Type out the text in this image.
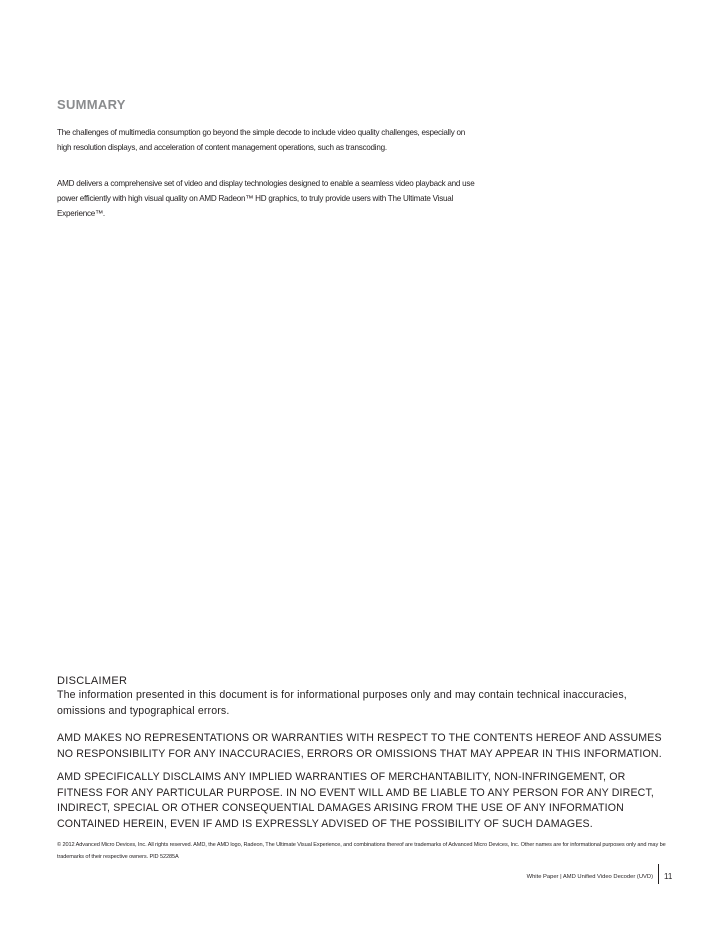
SUMMARY

The challenges of multimedia consumption go beyond the simple decode to include video quality challenges, especially on high resolution displays, and acceleration of content management operations, such as transcoding.

AMD delivers a comprehensive set of video and display technologies designed to enable a seamless video playback and use power efficiently with high visual quality on AMD Radeon™ HD graphics, to truly provide users with The Ultimate Visual Experience™.

DISCLAIMER

The information presented in this document is for informational purposes only and may contain technical inaccuracies, omissions and typographical errors.

AMD MAKES NO REPRESENTATIONS OR WARRANTIES WITH RESPECT TO THE CONTENTS HEREOF AND ASSUMES NO RESPONSIBILITY FOR ANY INACCURACIES, ERRORS OR OMISSIONS THAT MAY APPEAR IN THIS INFORMATION.

AMD SPECIFICALLY DISCLAIMS ANY IMPLIED WARRANTIES OF MERCHANTABILITY, NON-INFRINGEMENT, OR FITNESS FOR ANY PARTICULAR PURPOSE. IN NO EVENT WILL AMD BE LIABLE TO ANY PERSON FOR ANY DIRECT, INDIRECT, SPECIAL OR OTHER CONSEQUENTIAL DAMAGES ARISING FROM THE USE OF ANY INFORMATION CONTAINED HEREIN, EVEN IF AMD IS EXPRESSLY ADVISED OF THE POSSIBILITY OF SUCH DAMAGES.

© 2012 Advanced Micro Devices, Inc. All rights reserved. AMD, the AMD logo, Radeon, The Ultimate Visual Experience, and combinations thereof are trademarks of Advanced Micro Devices, Inc. Other names are for informational purposes only and may be trademarks of their respective owners. PID 52285A

White Paper | AMD Unified Video Decoder (UVD) 11
